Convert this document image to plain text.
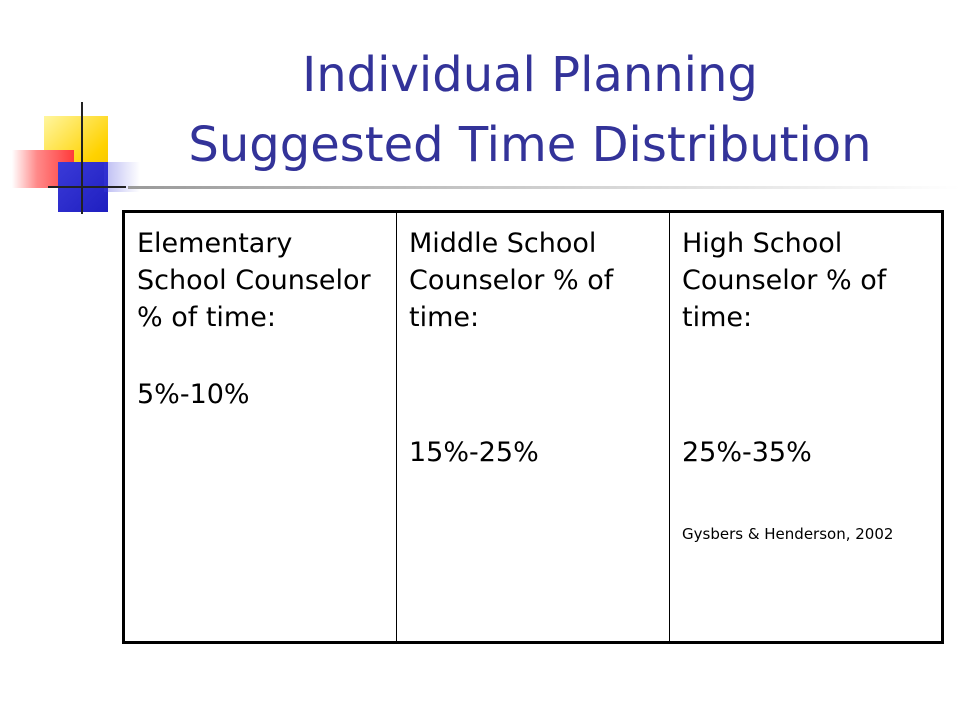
Individual Planning
Suggested Time Distribution
Elementary School Counselor % of time:
5%-10%

Middle School Counselor % of time:
15%-25%

High School Counselor % of time:
25%-35%
Gysbers & Henderson, 2002
